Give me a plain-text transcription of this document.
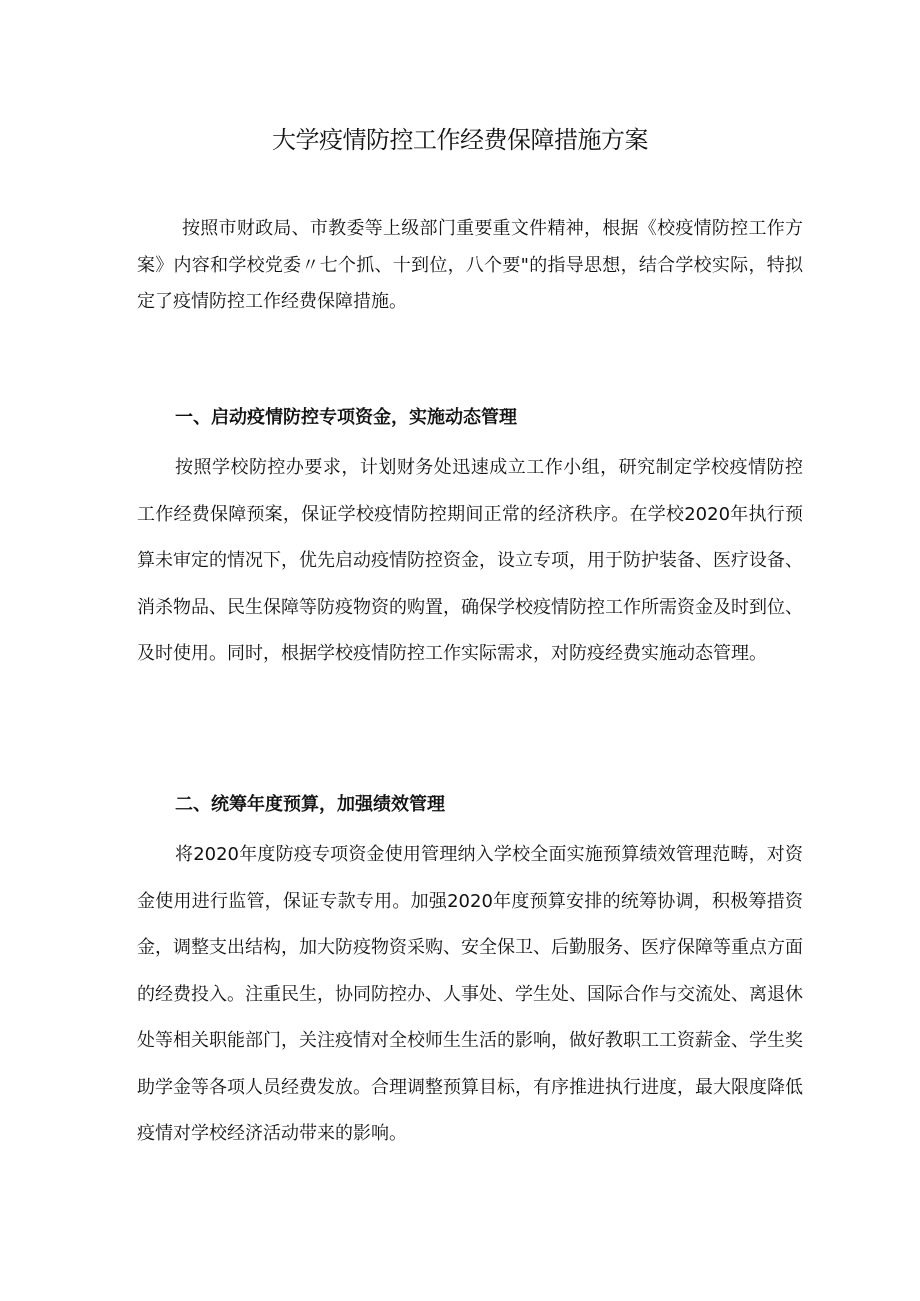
大学疫情防控工作经费保障措施方案

按照市财政局、市教委等上级部门重要重文件精神，根据《校疫情防控工作方案》内容和学校党委〃七个抓、十到位，八个要"的指导思想，结合学校实际，特拟定了疫情防控工作经费保障措施。

一、启动疫情防控专项资金，实施动态管理

按照学校防控办要求，计划财务处迅速成立工作小组，研究制定学校疫情防控工作经费保障预案，保证学校疫情防控期间正常的经济秩序。在学校2020年执行预算未审定的情况下，优先启动疫情防控资金，设立专项，用于防护装备、医疗设备、消杀物品、民生保障等防疫物资的购置，确保学校疫情防控工作所需资金及时到位、及时使用。同时，根据学校疫情防控工作实际需求，对防疫经费实施动态管理。

二、统筹年度预算，加强绩效管理

将2020年度防疫专项资金使用管理纳入学校全面实施预算绩效管理范畴，对资金使用进行监管，保证专款专用。加强2020年度预算安排的统筹协调，积极筹措资金，调整支出结构，加大防疫物资采购、安全保卫、后勤服务、医疗保障等重点方面的经费投入。注重民生，协同防控办、人事处、学生处、国际合作与交流处、离退休处等相关职能部门，关注疫情对全校师生生活的影响，做好教职工工资薪金、学生奖助学金等各项人员经费发放。合理调整预算目标，有序推进执行进度，最大限度降低疫情对学校经济活动带来的影响。
